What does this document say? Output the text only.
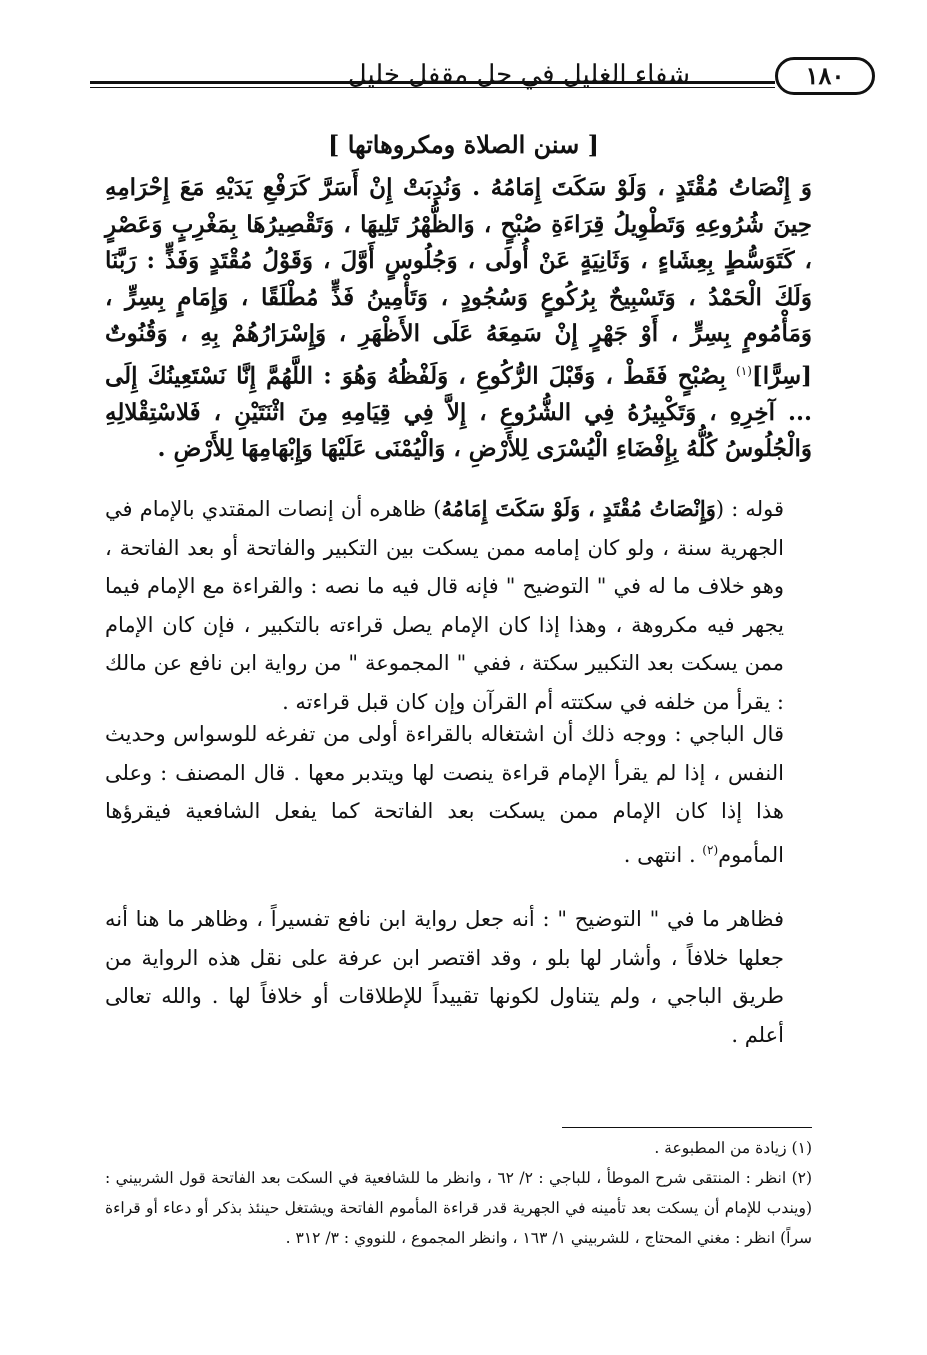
١٨٠
شفاء الغليل في حل مقفل خليل
[ سنن الصلاة ومكروهاتها ]

وَ إِنْصَاتُ مُقْتَدٍ ، وَلَوْ سَكَتَ إِمَامُهُ . وَنُدِبَتْ إِنْ أَسَرَّ كَرَفْعِ يَدَيْهِ مَعَ إِحْرَامِهِ حِينَ شُرُوعِهِ وَتَطْوِيلُ قِرَاءَةِ صُبْحٍ ، وَالظُّهْرُ تَلِيهَا ، وَتَقْصِيرُهَا بِمَغْرِبٍ وَعَصْرٍ ، كَتَوَسُّطٍ بِعِشَاءٍ ، وَثَانِيَةٍ عَنْ أُولَى ، وَجُلُوسٍ أَوَّلَ ، وَقَوْلُ مُقْتَدٍ وَفَذٍّ : رَبَّنَا وَلَكَ الْحَمْدُ ، وَتَسْبِيحٌ بِرُكُوعٍ وَسُجُودٍ ، وَتَأْمِينُ فَذٍّ مُطْلَقًا ، وَإِمَامٍ بِسِرٍّ ، وَمَأْمُومٍ بِسِرٍّ ، أَوْ جَهْرٍ إِنْ سَمِعَهُ عَلَى الأَظْهَرِ ، وَإِسْرَارُهُمْ بِهِ ، وَقُنُوتٌ [سِرًّا]$^{(١)}$ بِصُبْحٍ فَقَطْ ، وَقَبْلَ الرُّكُوعِ ، وَلَفْظُهُ وَهُوَ : اللَّهُمَّ إِنَّا نَسْتَعِينُكَ إِلَى ... آخِرِهِ ، وَتَكْبِيرُهُ فِي الشُّرُوعِ ، إِلاَّ فِي قِيَامِهِ مِنَ اثْنَتَيْنِ ، فَلاسْتِقْلالِهِ وَالْجُلُوسُ كُلُّهُ بِإِفْضَاءِ الْيُسْرَى لِلأَرْضِ ، وَالْيُمْنَى عَلَيْهَا وَإِبْهَامِهَا لِلأَرْضِ .

قوله : (وَإِنْصَاتُ مُقْتَدٍ ، وَلَوْ سَكَتَ إِمَامُهُ) ظاهره أن إنصات المقتدي بالإمام في الجهرية سنة ، ولو كان إمامه ممن يسكت بين التكبير والفاتحة أو بعد الفاتحة ، وهو خلاف ما له في " التوضيح " فإنه قال فيه ما نصه : والقراءة مع الإمام فيما يجهر فيه مكروهة ، وهذا إذا كان الإمام يصل قراءته بالتكبير ، فإن كان الإمام ممن يسكت بعد التكبير سكتة ، ففي " المجموعة " من رواية ابن نافع عن مالك : يقرأ من خلفه في سكتته أم القرآن وإن كان قبل قراءته .

قال الباجي : ووجه ذلك أن اشتغاله بالقراءة أولى من تفرغه للوسواس وحديث النفس ، إذا لم يقرأ الإمام قراءة ينصت لها ويتدبر معها . قال المصنف : وعلى هذا إذا كان الإمام ممن يسكت بعد الفاتحة كما يفعل الشافعية فيقرؤها المأموم$^{(٢)}$ . انتهى .

فظاهر ما في " التوضيح " : أنه جعل رواية ابن نافع تفسيراً ، وظاهر ما هنا أنه جعلها خلافاً ، وأشار لها بلو ، وقد اقتصر ابن عرفة على نقل هذه الرواية من طريق الباجي ، ولم يتناول لكونها تقييداً للإطلاقات أو خلافاً لها . والله تعالى أعلم .

(١) زيادة من المطبوعة .

(٢) انظر : المنتقى شرح الموطأ ، للباجي : ٢/ ٦٢ ، وانظر ما للشافعية في السكت بعد الفاتحة قول الشربيني : (ويندب للإمام أن يسكت بعد تأمينه في الجهرية قدر قراءة المأموم الفاتحة ويشتغل حينئذ بذكر أو دعاء أو قراءة سراً) انظر : مغني المحتاج ، للشربيني ١/ ١٦٣ ، وانظر المجموع ، للنووي : ٣/ ٣١٢ .
